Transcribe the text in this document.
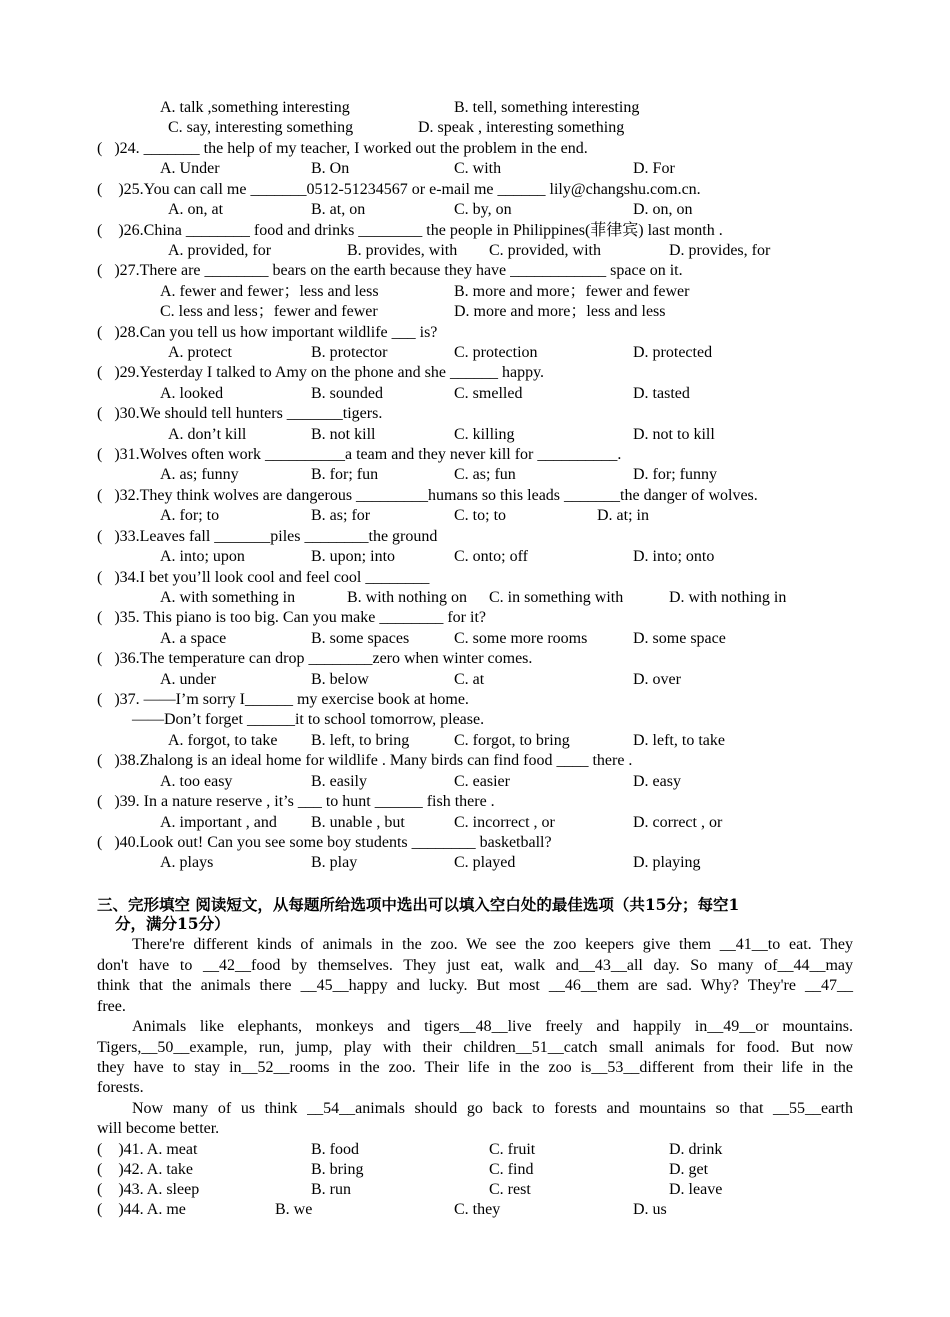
A. talk ,something interesting	B. tell, something interesting
C. say, interesting something	D. speak , interesting something
(   )24. _______ the help of my teacher, I worked out the problem in the end.
A. Under	B. On	C. with	D. For
(    )25.You can call me _______0512-51234567 or e-mail me ______ lily@changshu.com.cn.
A. on, at	B. at, on	C. by, on	D. on, on
(    )26.China ________ food and drinks ________ the people in Philippines(菲律宾) last month .
A. provided, for	B. provides, with C. provided, with	D. provides, for
(   )27.There are ________ bears on the earth because they have ____________ space on it.
A. fewer and fewer；less and less	B. more and more；fewer and fewer
C. less and less；fewer and fewer	D. more and more；less and less
(   )28.Can you tell us how important wildlife ___ is?
A. protect	B. protector	C. protection	D. protected
(   )29.Yesterday I talked to Amy on the phone and she ______ happy.
A. looked	B. sounded	C. smelled	D. tasted
(   )30.We should tell hunters _______tigers.
A. don’t kill	B. not kill	C. killing	D. not to kill
(   )31.Wolves often work __________a team and they never kill for __________.
A. as; funny	B. for; fun	C. as; fun	D. for; funny
(   )32.They think wolves are dangerous _________humans so this leads _______the danger of wolves.
A. for; to	B. as; for	C. to; to	D. at; in
(   )33.Leaves fall _______piles ________the ground
A. into; upon	B. upon; into	C. onto; off	D. into; onto
(   )34.I bet you’ll look cool and feel cool ________
A. with something in	B. with nothing on C. in something with	D. with nothing in
(   )35. This piano is too big. Can you make ________ for it?
A. a space	B. some spaces	C. some more rooms	D. some space
(   )36.The temperature can drop ________zero when winter comes.
A. under	B. below	C. at	D. over
(   )37. ——I’m sorry I______ my exercise book at home.
——Don’t forget ______it to school tomorrow, please.
A. forgot, to take B. left, to bring	C. forgot, to bring	D. left, to take
(   )38.Zhalong is an ideal home for wildlife . Many birds can find food ____ there .
A. too easy	B. easily	C. easier	D. easy
(   )39. In a nature reserve , it’s ___ to hunt ______ fish there .
A. important , and B. unable , but	C. incorrect , or	D. correct , or
(   )40.Look out! Can you see some boy students ________ basketball?
A. plays	B. play	C. played	D. playing
三、完形填空 阅读短文，从每题所给选项中选出可以填入空白处的最佳选项（共15分；每空1
分，满分15分）
There're different kinds of animals in the zoo. We see the zoo keepers give them __41__to eat. They
don't have to __42__food by themselves. They just eat, walk and__43__all day. So many of__44__may
think that the animals there __45__happy and lucky. But most __46__them are sad. Why? They're __47__
free.
Animals like elephants, monkeys and tigers__48__live freely and happily in__49__or mountains.
Tigers,__50__example, run, jump, play with their children__51__catch small animals for food. But now
they have to stay in__52__rooms in the zoo. Their life in the zoo is__53__different from their life in the
forests.
Now many of us think __54__animals should go back to forests and mountains so that __55__earth
will become better.
(    )41. A. meat	B. food	C. fruit	D. drink
(    )42. A. take	B. bring	C. find	D. get
(    )43. A. sleep	B. run	C. rest	D. leave
(    )44. A. me	B. we	C. they	D. us
